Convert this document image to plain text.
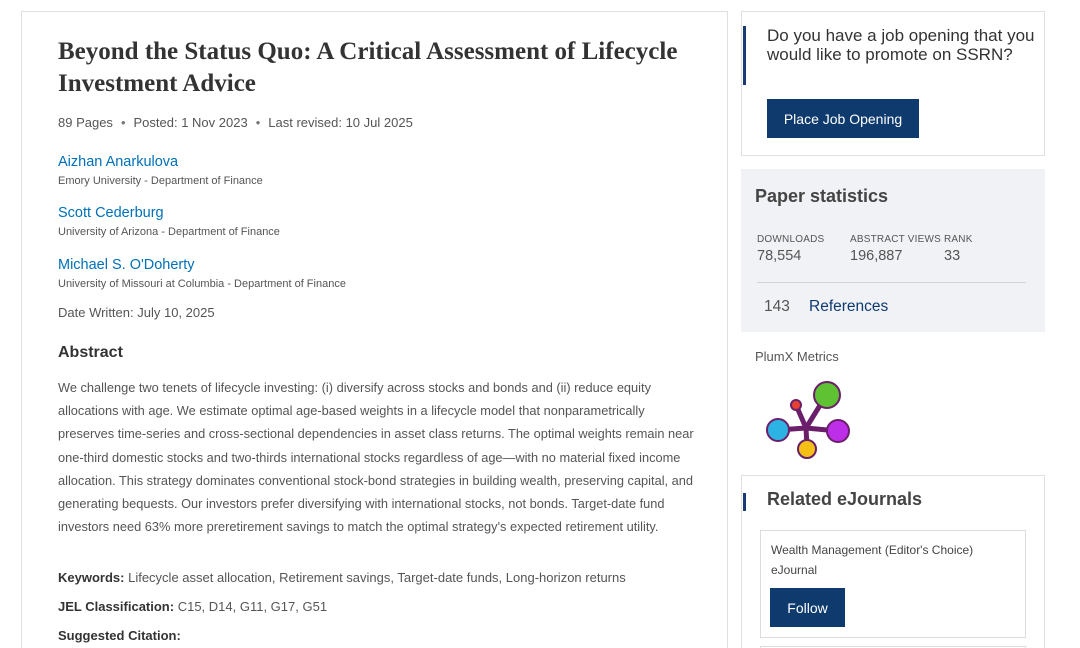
Beyond the Status Quo: A Critical Assessment of Lifecycle Investment Advice
89 Pages • Posted: 1 Nov 2023 • Last revised: 10 Jul 2025
Aizhan Anarkulova
Emory University - Department of Finance
Scott Cederburg
University of Arizona - Department of Finance
Michael S. O'Doherty
University of Missouri at Columbia - Department of Finance
Date Written: July 10, 2025
Abstract

We challenge two tenets of lifecycle investing: (i) diversify across stocks and bonds and (ii) reduce equity allocations with age. We estimate optimal age-based weights in a lifecycle model that nonparametrically preserves time-series and cross-sectional dependencies in asset class returns. The optimal weights remain near one-third domestic stocks and two-thirds international stocks regardless of age—with no material fixed income allocation. This strategy dominates conventional stock-bond strategies in building wealth, preserving capital, and generating bequests. Our investors prefer diversifying with international stocks, not bonds. Target-date fund investors need 63% more preretirement savings to match the optimal strategy's expected retirement utility.

Keywords: Lifecycle asset allocation, Retirement savings, Target-date funds, Long-horizon returns
JEL Classification: C15, D14, G11, G17, G51
Suggested Citation:

Do you have a job opening that you would like to promote on SSRN?

Place Job Opening
Paper statistics
DOWNLOADS
78,554
ABSTRACT VIEWS
196,887
RANK
33
143 References
PlumX Metrics
Related eJournals

Wealth Management (Editor's Choice) eJournal

Follow
